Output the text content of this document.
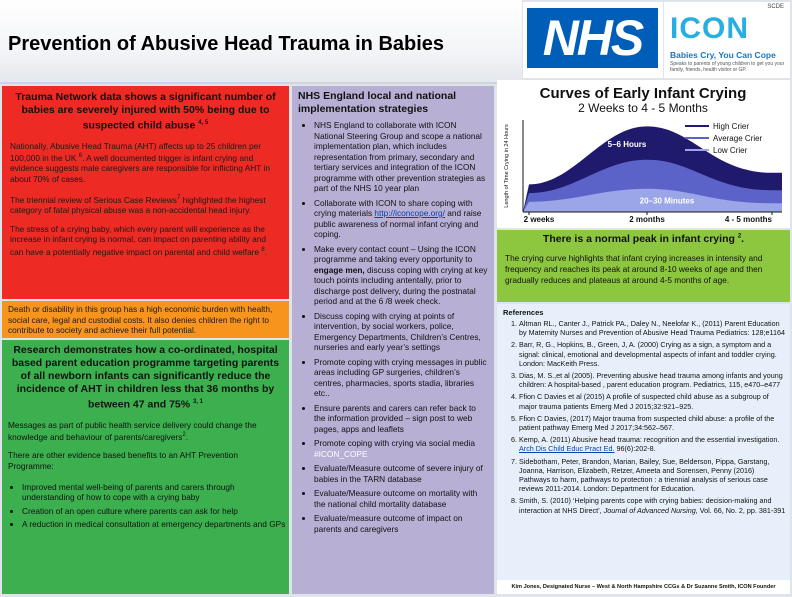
Prevention of Abusive Head Trauma in Babies	NHS
SCDE
ICON
Babies Cry, You Can Cope
Speaks to parents of young children to get you your family, friends, health visitor or GP.
Trauma Network data shows a significant number of babies are severely injured with 50% being due to suspected child abuse $^{4, 5}$
Nationally, Abusive Head Trauma (AHT) affects up to 25 children per 100,000 in the UK $^6$. A well documented trigger is infant crying and evidence suggests male caregivers are responsible for inflicting AHT in about 70% of cases.
The triennial review of Serious Case Reviews$^7$ highlighted the highest category of fatal physical abuse was a non-accidental head injury.
The stress of a crying baby, which every parent will experience as the increase in infant crying is normal, can impact on parenting ability and can have a potentially negative impact on parental and child welfare $^8$.
Death or disability in this group has a high economic burden with health, social care, legal and custodial costs. It also denies children the right to contribute to society and achieve their full potential.
Research demonstrates how a co-ordinated, hospital based parent education programme targeting parents of all newborn infants can significantly reduce the incidence of AHT in children less that 36 months by between 47 and 75% $^{3, 1}$
Messages as part of public health service delivery could change the knowledge and behaviour of parents/caregivers$^2$.
There are other evidence based benefits to an AHT Prevention Programme:
• Improved mental well-being of parents and carers through understanding of how to cope with a crying baby
• Creation of an open culture where parents can ask for help
• A reduction in medical consultation at emergency departments and GPs
NHS England local and national implementation strategies
• NHS England to collaborate with ICON National Steering Group and scope a national implementation plan, which includes representation from primary, secondary and tertiary services and integration of the ICON programme with other prevention strategies as part of the NHS 10 year plan
• Collaborate with ICON to share coping with crying materials http://iconcope.org/ and raise public awareness of normal infant crying and coping.
• Make every contact count – Using the ICON programme and taking every opportunity to engage men, discuss coping with crying at key touch points including antentally, prior to discharge post delivery, during the postnatal period and at the 6 /8 week check.
• Discuss coping with crying at points of intervention, by social workers, police, Emergency Departments, Children’s Centres, nurseries and early year’s settings
• Promote coping with crying messages in public areas including GP surgeries, children’s centres, pharmacies, sports stadia, libraries etc..
• Ensure parents and carers can refer back to the information provided – sign post to web pages, apps and leaflets
• Promote coping with crying via social media #ICON_COPE
• Evaluate/Measure outcome of severe injury of babies in the TARN database
• Evaluate/Measure outcome on mortality with the national child mortality database
• Evaluate/measure outcome of impact on parents and caregivers
Curves of Early Infant Crying
2 Weeks to 4 - 5 Months
Length of Time Crying in 24 Hours
2 weeks	2 months	4 - 5 months
5–6 Hours
20–30 Minutes
High Crier
Average Crier
Low Crier
There is a normal peak in infant crying $^2$.
The crying curve highlights that infant crying increases in intensity and frequency and reaches its peak at around 8-10 weeks of age and then gradually reduces and plateaus at around 4-5 months of age.
References
1. Altman RL., Canter J., Patrick PA., Daley N., Neelofar K., (2011) Parent Education by Maternity Nurses and Prevention of Abusive Head Trauma Pediatrics: 128;e1164
2. Barr, R, G., Hopkins, B., Green, J, A. (2000) Crying as a sign, a symptom and a signal: clinical, emotional and developmental aspects of infant and toddler crying. London: MacKeith Press.
3. Dias, M. S.,et al (2005). Preventing abusive head trauma among infants and young children: A hospital-based , parent education program. Pediatrics, 115, e470–e477
4. Ffion C Davies et al (2015) A profile of suspected child abuse as a subgroup of major trauma patients Emerg Med J 2015;32:921–925.
5. Ffion C Davies, (2017) Major trauma from suspected child abuse: a profile of the patient pathway Emerg Med J 2017;34:562–567.
6. Kemp, A. (2011) Abusive head trauma: recognition and the essential investigation. Arch Dis Child Educ Pract Ed. 96(6):202-8.
7. Sidebotham, Peter, Brandon, Marian, Bailey, Sue, Belderson, Pippa, Garstang, Joanna, Harrison, Elizabeth, Retzer, Ameeta and Sorensen, Penny (2016) Pathways to harm, pathways to protection : a triennial analysis of serious case reviews 2011-2014. London: Department for Education.
8. Smith, S. (2010) ‘Helping parents cope with crying babies: decision-making and interaction at NHS Direct’, Journal of Advanced Nursing, Vol. 66, No. 2, pp. 381-391
Kim Jones, Designated Nurse – West & North Hampshire CCGs & Dr Suzanne Smith, ICON Founder
